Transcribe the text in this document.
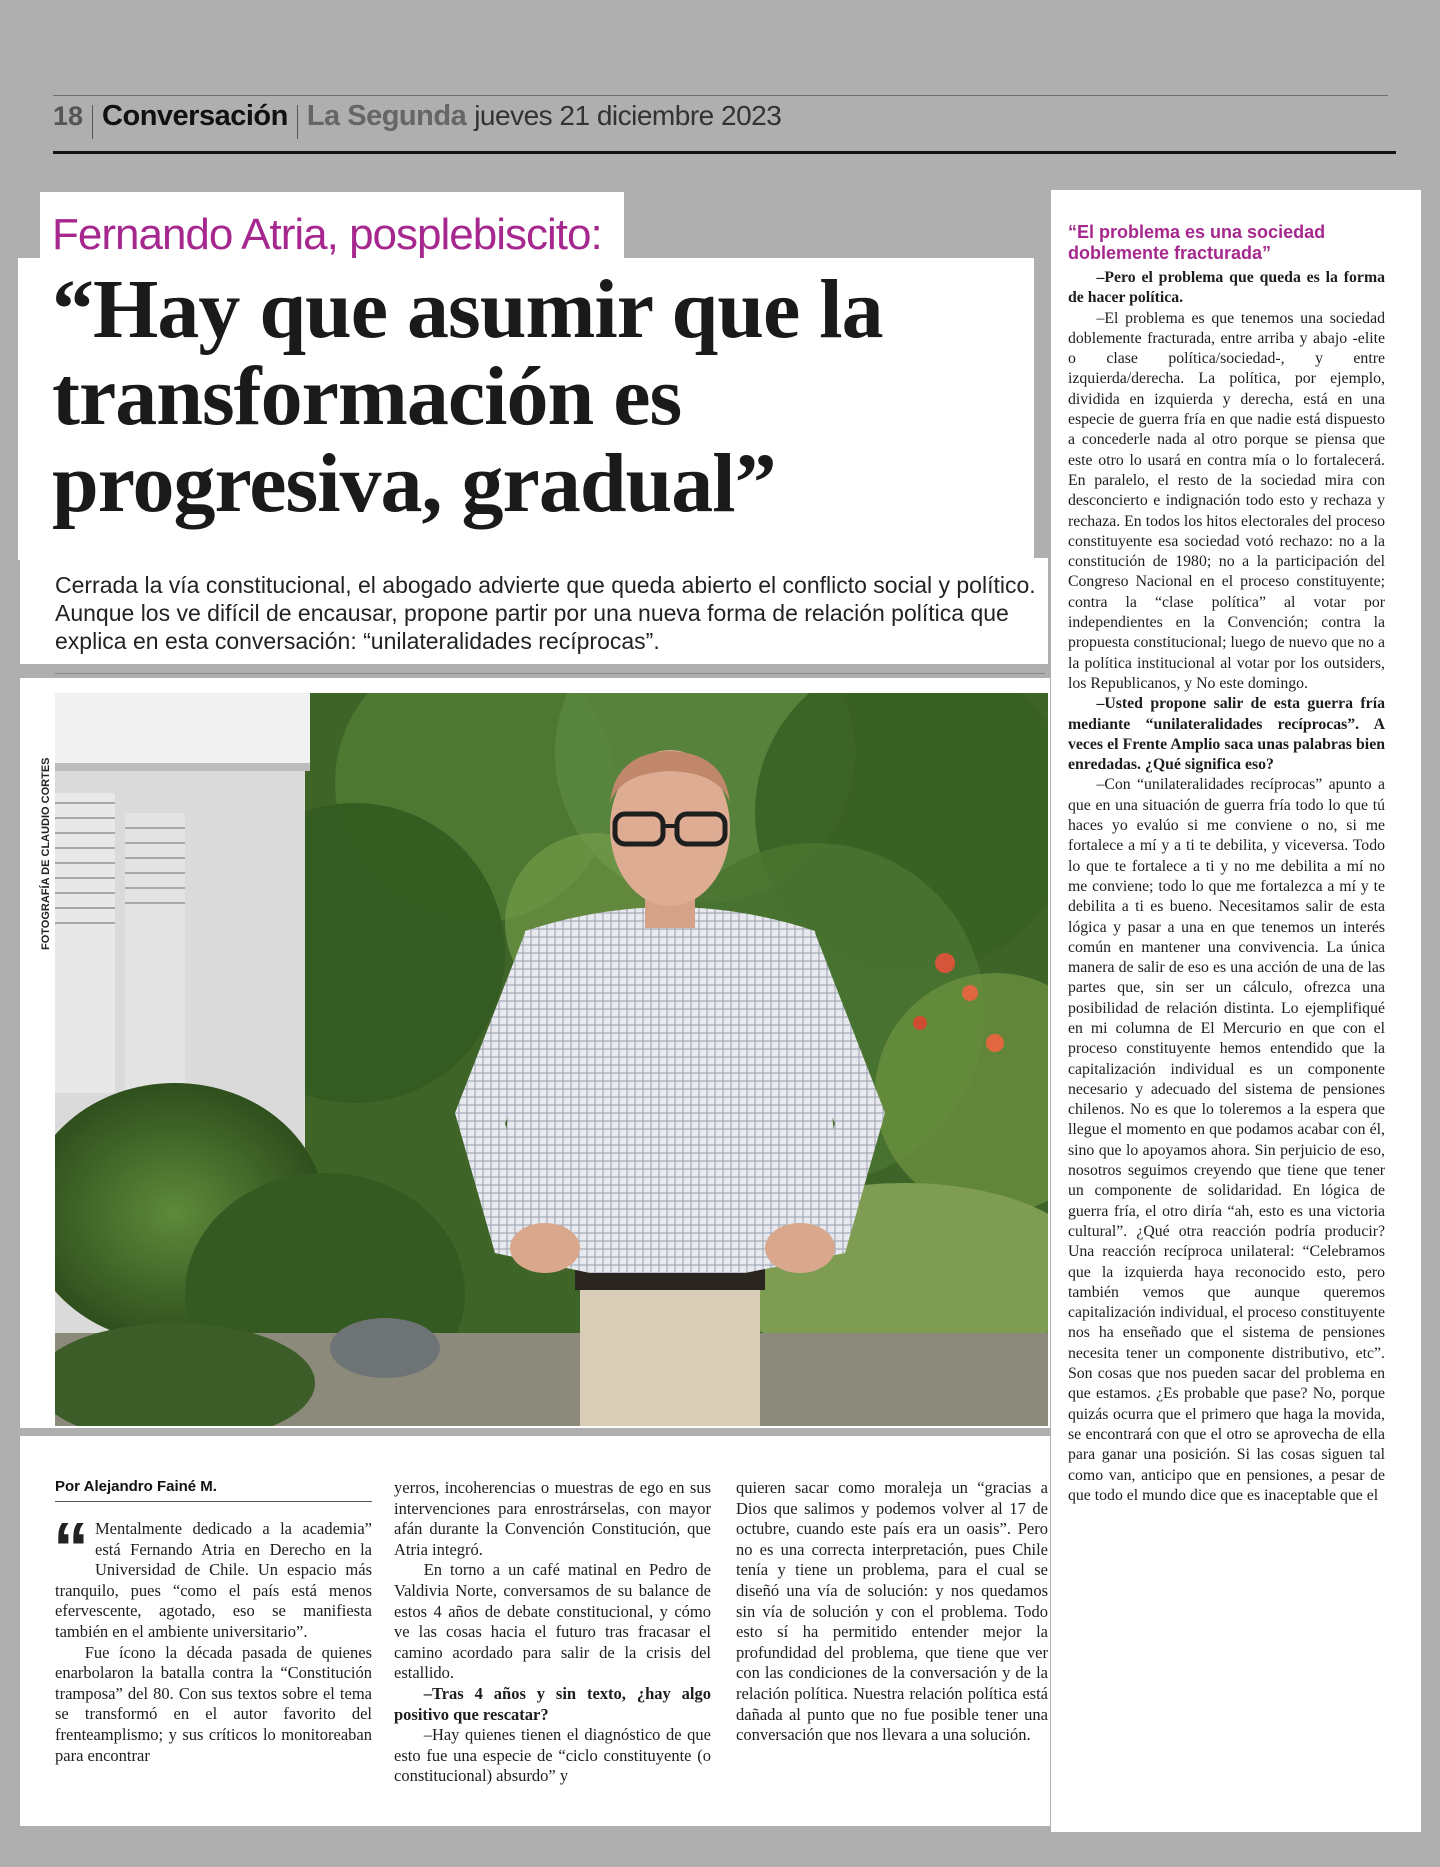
18 Conversación La Segunda jueves 21 diciembre 2023
Fernando Atria, posplebiscito:
“Hay que asumir que la transformación es progresiva, gradual”
Cerrada la vía constitucional, el abogado advierte que queda abierto el conflicto social y político. Aunque los ve difícil de encausar, propone partir por una nueva forma de relación política que explica en esta conversación: “unilateralidades recíprocas”.
FOTOGRAFÍA DE CLAUDIO CORTES
Por Alejandro Fainé M.
“ Mentalmente dedicado a la academia” está Fernando Atria en Derecho en la Universidad de Chile. Un espacio más tranquilo, pues “como el país está menos efervescente, agotado, eso se manifiesta también en el ambiente universitario”.

Fue ícono la década pasada de quienes enarbolaron la batalla contra la “Constitución tramposa” del 80. Con sus textos sobre el tema se transformó en el autor favorito del frenteamplismo; y sus críticos lo monitoreaban para encontrar

yerros, incoherencias o muestras de ego en sus intervenciones para enrostrárselas, con mayor afán durante la Convención Constitución, que Atria integró.

En torno a un café matinal en Pedro de Valdivia Norte, conversamos de su balance de estos 4 años de debate constitucional, y cómo ve las cosas hacia el futuro tras fracasar el camino acordado para salir de la crisis del estallido.

–Tras 4 años y sin texto, ¿hay algo positivo que rescatar?

–Hay quienes tienen el diagnóstico de que esto fue una especie de “ciclo constituyente (o constitucional) absurdo” y

quieren sacar como moraleja un “gracias a Dios que salimos y podemos volver al 17 de octubre, cuando este país era un oasis”. Pero no es una correcta interpretación, pues Chile tenía y tiene un problema, para el cual se diseñó una vía de solución: y nos quedamos sin vía de solución y con el problema. Todo esto sí ha permitido entender mejor la profundidad del problema, que tiene que ver con las condiciones de la conversación y de la relación política. Nuestra relación política está dañada al punto que no fue posible tener una conversación que nos llevara a una solución.

“El problema es una sociedad doblemente fracturada”

–Pero el problema que queda es la forma de hacer política.

–El problema es que tenemos una sociedad doblemente fracturada, entre arriba y abajo -elite o clase política/sociedad-, y entre izquierda/derecha. La política, por ejemplo, dividida en izquierda y derecha, está en una especie de guerra fría en que nadie está dispuesto a concederle nada al otro porque se piensa que este otro lo usará en contra mía o lo fortalecerá. En paralelo, el resto de la sociedad mira con desconcierto e indignación todo esto y rechaza y rechaza. En todos los hitos electorales del proceso constituyente esa sociedad votó rechazo: no a la constitución de 1980; no a la participación del Congreso Nacional en el proceso constituyente; contra la “clase política” al votar por independientes en la Convención; contra la propuesta constitucional; luego de nuevo que no a la política institucional al votar por los outsiders, los Republicanos, y No este domingo.

–Usted propone salir de esta guerra fría mediante “unilateralidades recíprocas”. A veces el Frente Amplio saca unas palabras bien enredadas. ¿Qué significa eso?

–Con “unilateralidades recíprocas” apunto a que en una situación de guerra fría todo lo que tú haces yo evalúo si me conviene o no, si me fortalece a mí y a ti te debilita, y viceversa. Todo lo que te fortalece a ti y no me debilita a mí no me conviene; todo lo que me fortalezca a mí y te debilita a ti es bueno. Necesitamos salir de esta lógica y pasar a una en que tenemos un interés común en mantener una convivencia. La única manera de salir de eso es una acción de una de las partes que, sin ser un cálculo, ofrezca una posibilidad de relación distinta. Lo ejemplifiqué en mi columna de El Mercurio en que con el proceso constituyente hemos entendido que la capitalización individual es un componente necesario y adecuado del sistema de pensiones chilenos. No es que lo toleremos a la espera que llegue el momento en que podamos acabar con él, sino que lo apoyamos ahora. Sin perjuicio de eso, nosotros seguimos creyendo que tiene que tener un componente de solidaridad. En lógica de guerra fría, el otro diría “ah, esto es una victoria cultural”. ¿Qué otra reacción podría producir? Una reacción recíproca unilateral: “Celebramos que la izquierda haya reconocido esto, pero también vemos que aunque queremos capitalización individual, el proceso constituyente nos ha enseñado que el sistema de pensiones necesita tener un componente distributivo, etc”. Son cosas que nos pueden sacar del problema en que estamos. ¿Es probable que pase? No, porque quizás ocurra que el primero que haga la movida, se encontrará con que el otro se aprovecha de ella para ganar una posición. Si las cosas siguen tal como van, anticipo que en pensiones, a pesar de que todo el mundo dice que es inaceptable que el
